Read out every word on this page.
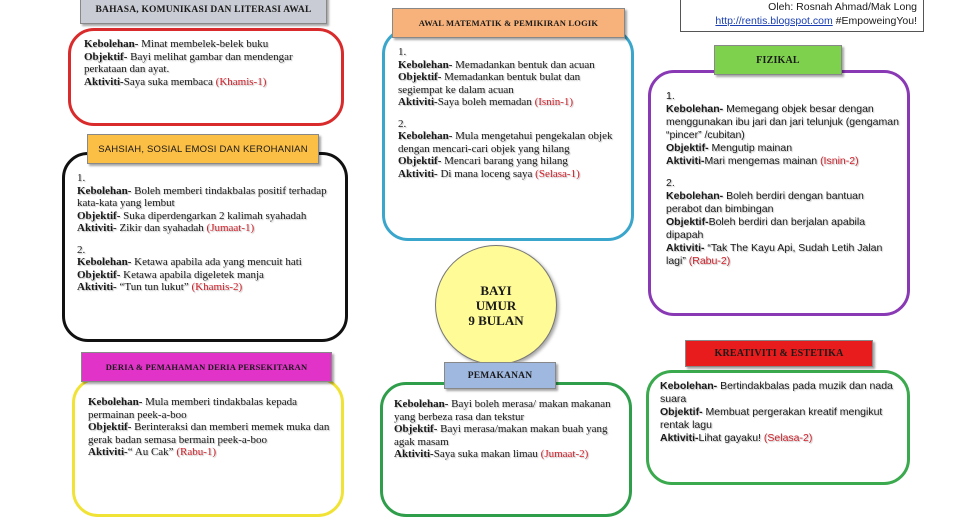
Oleh: Rosnah Ahmad/Mak Long
http://rentis.blogspot.com #EmpoweingYou!
BAHASA, KOMUNIKASI DAN LITERASI AWAL

Kebolehan- Minat membelek-belek buku

Objektif- Bayi melihat gambar dan mendengar perkataan dan ayat.

Aktiviti-Saya suka membaca (Khamis-1)

SAHSIAH, SOSIAL EMOSI DAN KEROHANIAN

1.

Kebolehan- Boleh memberi tindakbalas positif terhadap kata-kata yang lembut

Objektif- Suka diperdengarkan 2 kalimah syahadah

Aktiviti- Zikir dan syahadah (Jumaat-1)

2.

Kebolehan- Ketawa apabila ada yang mencuit hati

Objektif- Ketawa apabila digeletek manja

Aktiviti- “Tun tun lukut” (Khamis-2)

DERIA & PEMAHAMAN DERIA PERSEKITARAN

Kebolehan- Mula memberi tindakbalas kepada permainan peek-a-boo

Objektif- Berinteraksi dan memberi memek muka dan gerak badan semasa bermain peek-a-boo

Aktiviti-“ Au Cak” (Rabu-1)

AWAL MATEMATIK & PEMIKIRAN LOGIK

1.

Kebolehan- Memadankan bentuk dan acuan

Objektif- Memadankan bentuk bulat dan segiempat ke dalam acuan

Aktiviti-Saya boleh memadan (Isnin-1)

2.

Kebolehan- Mula mengetahui pengekalan objek dengan mencari-cari objek yang hilang

Objektif- Mencari barang yang hilang

Aktiviti- Di mana loceng saya (Selasa-1)

BAYI
UMUR
9 BULAN
PEMAKANAN

Kebolehan- Bayi boleh merasa/ makan makanan yang berbeza rasa dan tekstur

Objektif- Bayi merasa/makan makan buah yang agak masam

Aktiviti-Saya suka makan limau (Jumaat-2)

FIZIKAL

1.

Kebolehan- Memegang objek besar dengan menggunakan ibu jari dan jari telunjuk (gengaman “pincer” /cubitan)

Objektif- Mengutip mainan

Aktiviti-Mari mengemas mainan (Isnin-2)

2.

Kebolehan- Boleh berdiri dengan bantuan perabot dan bimbingan

Objektif-Boleh berdiri dan berjalan apabila dipapah

Aktiviti- “Tak The Kayu Api, Sudah Letih Jalan lagi” (Rabu-2)

KREATIVITI & ESTETIKA

Kebolehan- Bertindakbalas pada muzik dan nada suara

Objektif- Membuat pergerakan kreatif mengikut rentak lagu

Aktiviti-Lihat gayaku! (Selasa-2)
